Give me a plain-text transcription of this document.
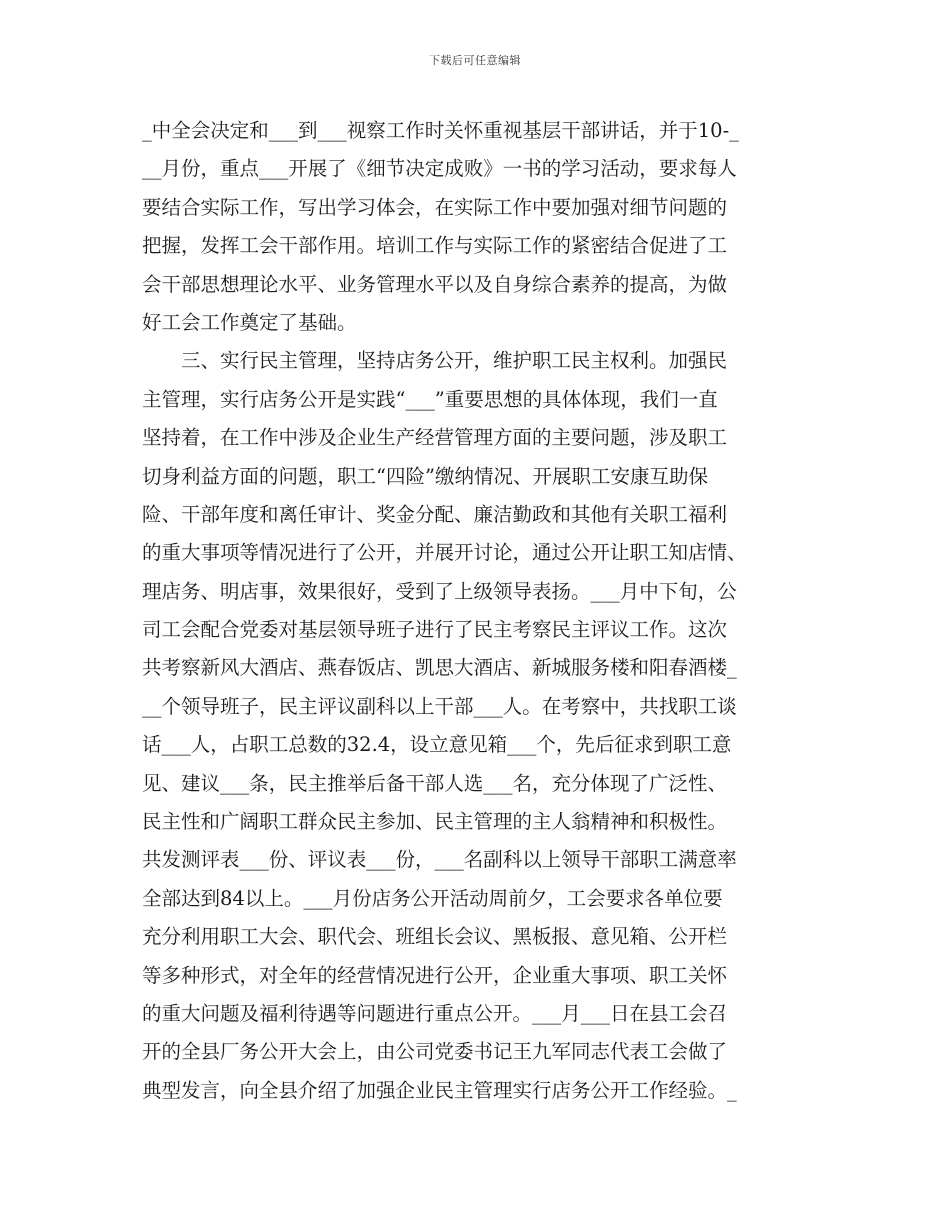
下载后可任意编辑
_中全会决定和___到___视察工作时关怀重视基层干部讲话，并于10-_
__月份，重点___开展了《细节决定成败》一书的学习活动，要求每人
要结合实际工作，写出学习体会，在实际工作中要加强对细节问题的
把握，发挥工会干部作用。培训工作与实际工作的紧密结合促进了工
会干部思想理论水平、业务管理水平以及自身综合素养的提高，为做
好工会工作奠定了基础。
　　三、实行民主管理，坚持店务公开，维护职工民主权利。加强民
主管理，实行店务公开是实践“___”重要思想的具体体现，我们一直
坚持着，在工作中涉及企业生产经营管理方面的主要问题，涉及职工
切身利益方面的问题，职工“四险”缴纳情况、开展职工安康互助保
险、干部年度和离任审计、奖金分配、廉洁勤政和其他有关职工福利
的重大事项等情况进行了公开，并展开讨论，通过公开让职工知店情、
理店务、明店事，效果很好，受到了上级领导表扬。___月中下旬，公
司工会配合党委对基层领导班子进行了民主考察民主评议工作。这次
共考察新风大酒店、燕春饭店、凯思大酒店、新城服务楼和阳春酒楼_
__个领导班子，民主评议副科以上干部___人。在考察中，共找职工谈
话___人，占职工总数的32.4，设立意见箱___个，先后征求到职工意
见、建议___条，民主推举后备干部人选___名，充分体现了广泛性、
民主性和广阔职工群众民主参加、民主管理的主人翁精神和积极性。
共发测评表___份、评议表___份，___名副科以上领导干部职工满意率
全部达到84以上。___月份店务公开活动周前夕，工会要求各单位要
充分利用职工大会、职代会、班组长会议、黑板报、意见箱、公开栏
等多种形式，对全年的经营情况进行公开，企业重大事项、职工关怀
的重大问题及福利待遇等问题进行重点公开。___月___日在县工会召
开的全县厂务公开大会上，由公司党委书记王九军同志代表工会做了
典型发言，向全县介绍了加强企业民主管理实行店务公开工作经验。_
